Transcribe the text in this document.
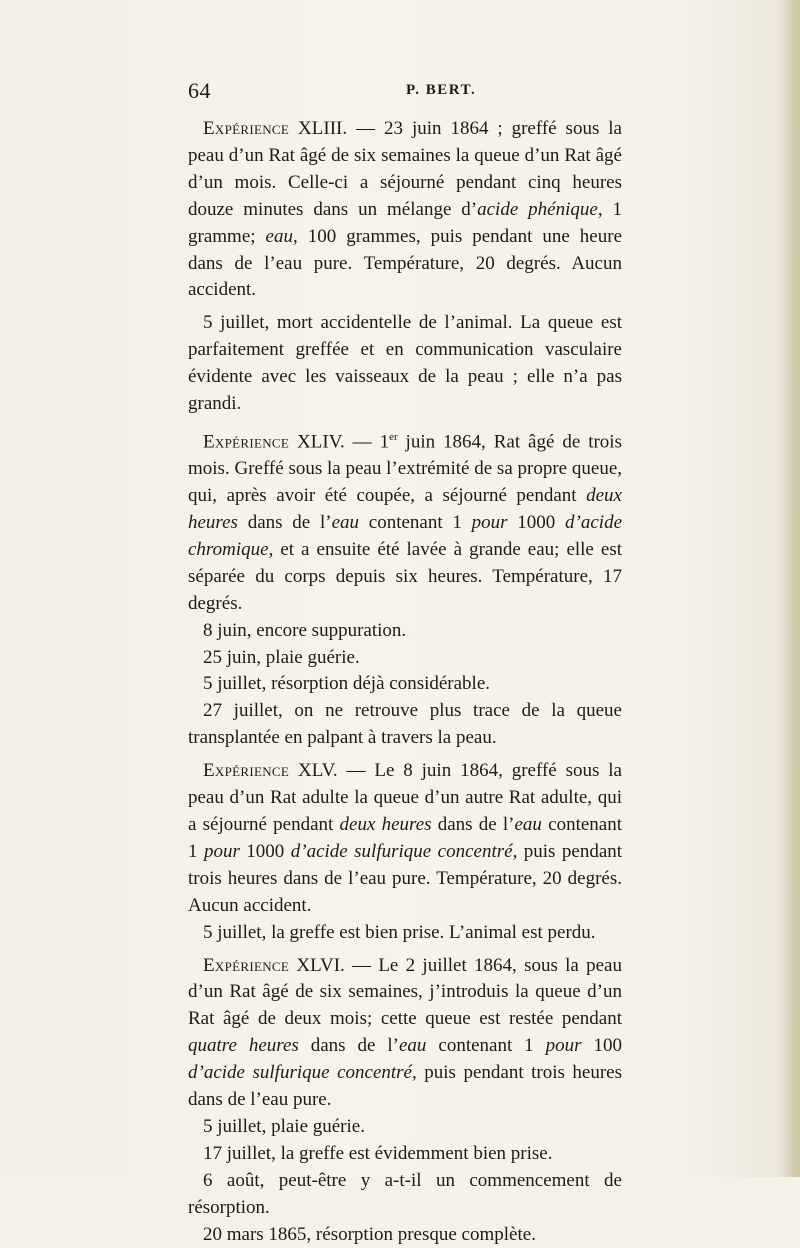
64	P. BERT.

Expérience XLIII. — 23 juin 1864 ; greffé sous la peau d’un Rat âgé de six semaines la queue d’un Rat âgé d’un mois. Celle-ci a séjourné pendant cinq heures douze minutes dans un mélange d’acide phénique, 1 gramme; eau, 100 grammes, puis pendant une heure dans de l’eau pure. Température, 20 degrés. Aucun accident.

5 juillet, mort accidentelle de l’animal. La queue est parfaitement greffée et en communication vasculaire évidente avec les vaisseaux de la peau ; elle n’a pas grandi.

Expérience XLIV. — 1er juin 1864, Rat âgé de trois mois. Greffé sous la peau l’extrémité de sa propre queue, qui, après avoir été coupée, a séjourné pendant deux heures dans de l’eau contenant 1 pour 1000 d’acide chromique, et a ensuite été lavée à grande eau; elle est séparée du corps depuis six heures. Température, 17 degrés.

8 juin, encore suppuration.

25 juin, plaie guérie.

5 juillet, résorption déjà considérable.

27 juillet, on ne retrouve plus trace de la queue transplantée en palpant à travers la peau.

Expérience XLV. — Le 8 juin 1864, greffé sous la peau d’un Rat adulte la queue d’un autre Rat adulte, qui a séjourné pendant deux heures dans de l’eau contenant 1 pour 1000 d’acide sulfurique concentré, puis pendant trois heures dans de l’eau pure. Température, 20 degrés. Aucun accident.

5 juillet, la greffe est bien prise. L’animal est perdu.

Expérience XLVI. — Le 2 juillet 1864, sous la peau d’un Rat âgé de six semaines, j’introduis la queue d’un Rat âgé de deux mois; cette queue est restée pendant quatre heures dans de l’eau contenant 1 pour 100 d’acide sulfurique concentré, puis pendant trois heures dans de l’eau pure.

5 juillet, plaie guérie.

17 juillet, la greffe est évidemment bien prise.

6 août, peut-être y a-t-il un commencement de résorption.

20 mars 1865, résorption presque complète.
